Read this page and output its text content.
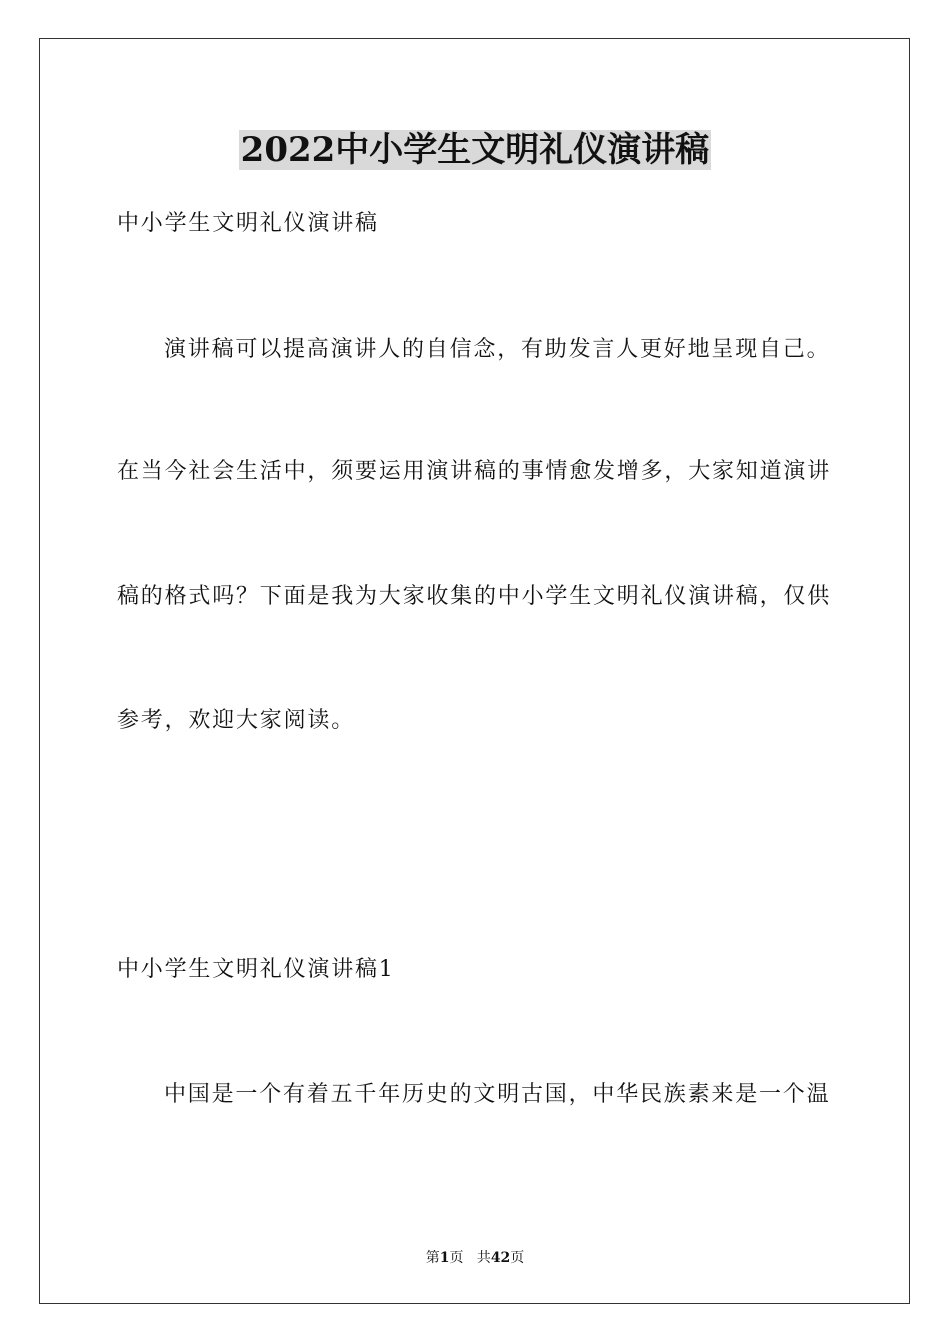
2022中小学生文明礼仪演讲稿
中小学生文明礼仪演讲稿
演讲稿可以提高演讲人的自信念，有助发言人更好地呈现自己。
在当今社会生活中，须要运用演讲稿的事情愈发增多，大家知道演讲
稿的格式吗？下面是我为大家收集的中小学生文明礼仪演讲稿，仅供
参考，欢迎大家阅读。
中小学生文明礼仪演讲稿1
中国是一个有着五千年历史的文明古国，中华民族素来是一个温
第1页 共42页
